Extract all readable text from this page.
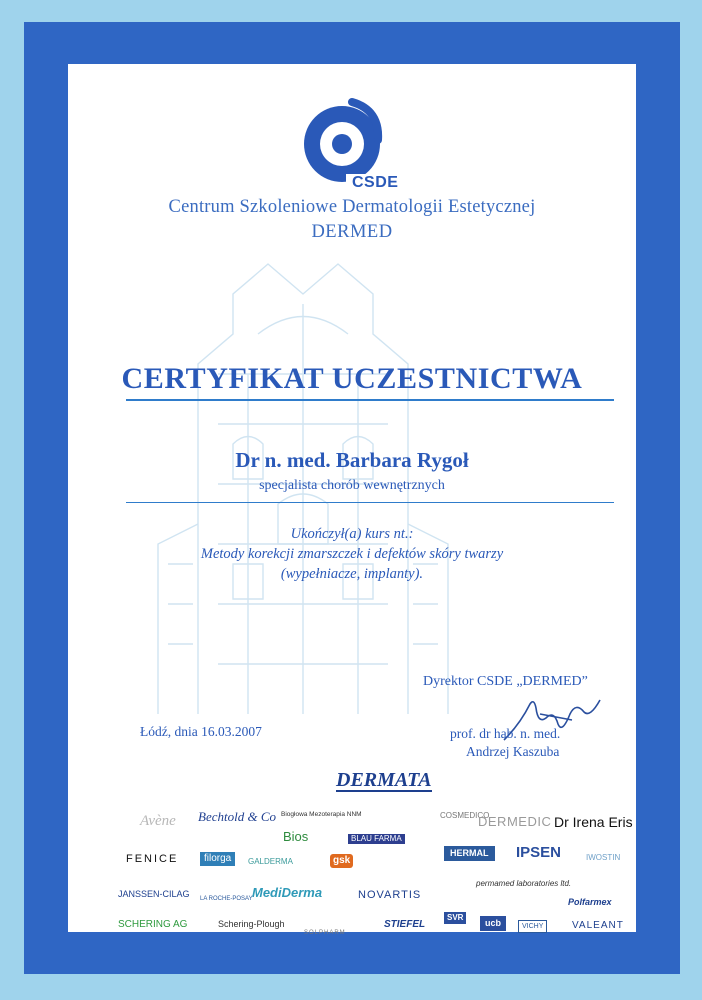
CSDE
Centrum Szkoleniowe Dermatologii Estetycznej
DERMED
CERTYFIKAT UCZESTNICTWA
Dr n. med. Barbara Rygoł
specjalista chorób wewnętrznych
Ukończył(a) kurs nt.:
Metody korekcji zmarszczek i defektów skóry twarzy
(wypełniacze, implanty).
Dyrektor CSDE „DERMED”
Łódź, dnia 16.03.2007	prof. dr hab. n. med.
Andrzej Kaszuba
DERMATA
Avène Bechtold & Co Biogłowa Mezoterapia NNM	COSMEDICO
DERMEDIC Dr Irena Eris
Bios	BLAU FARMA
FENICE	filorga	GALDERMA	gsk
HERMAL	IPSEN	IWOSTIN
permamed laboratories ltd.
JANSSEN-CILAG LA ROCHE-POSAY MediDerma	NOVARTIS
Polfarmex
SCHERING AG	Schering-Plough
SOLPHARM
STIEFEL
SVR
ucb	VICHY	VALEANT
